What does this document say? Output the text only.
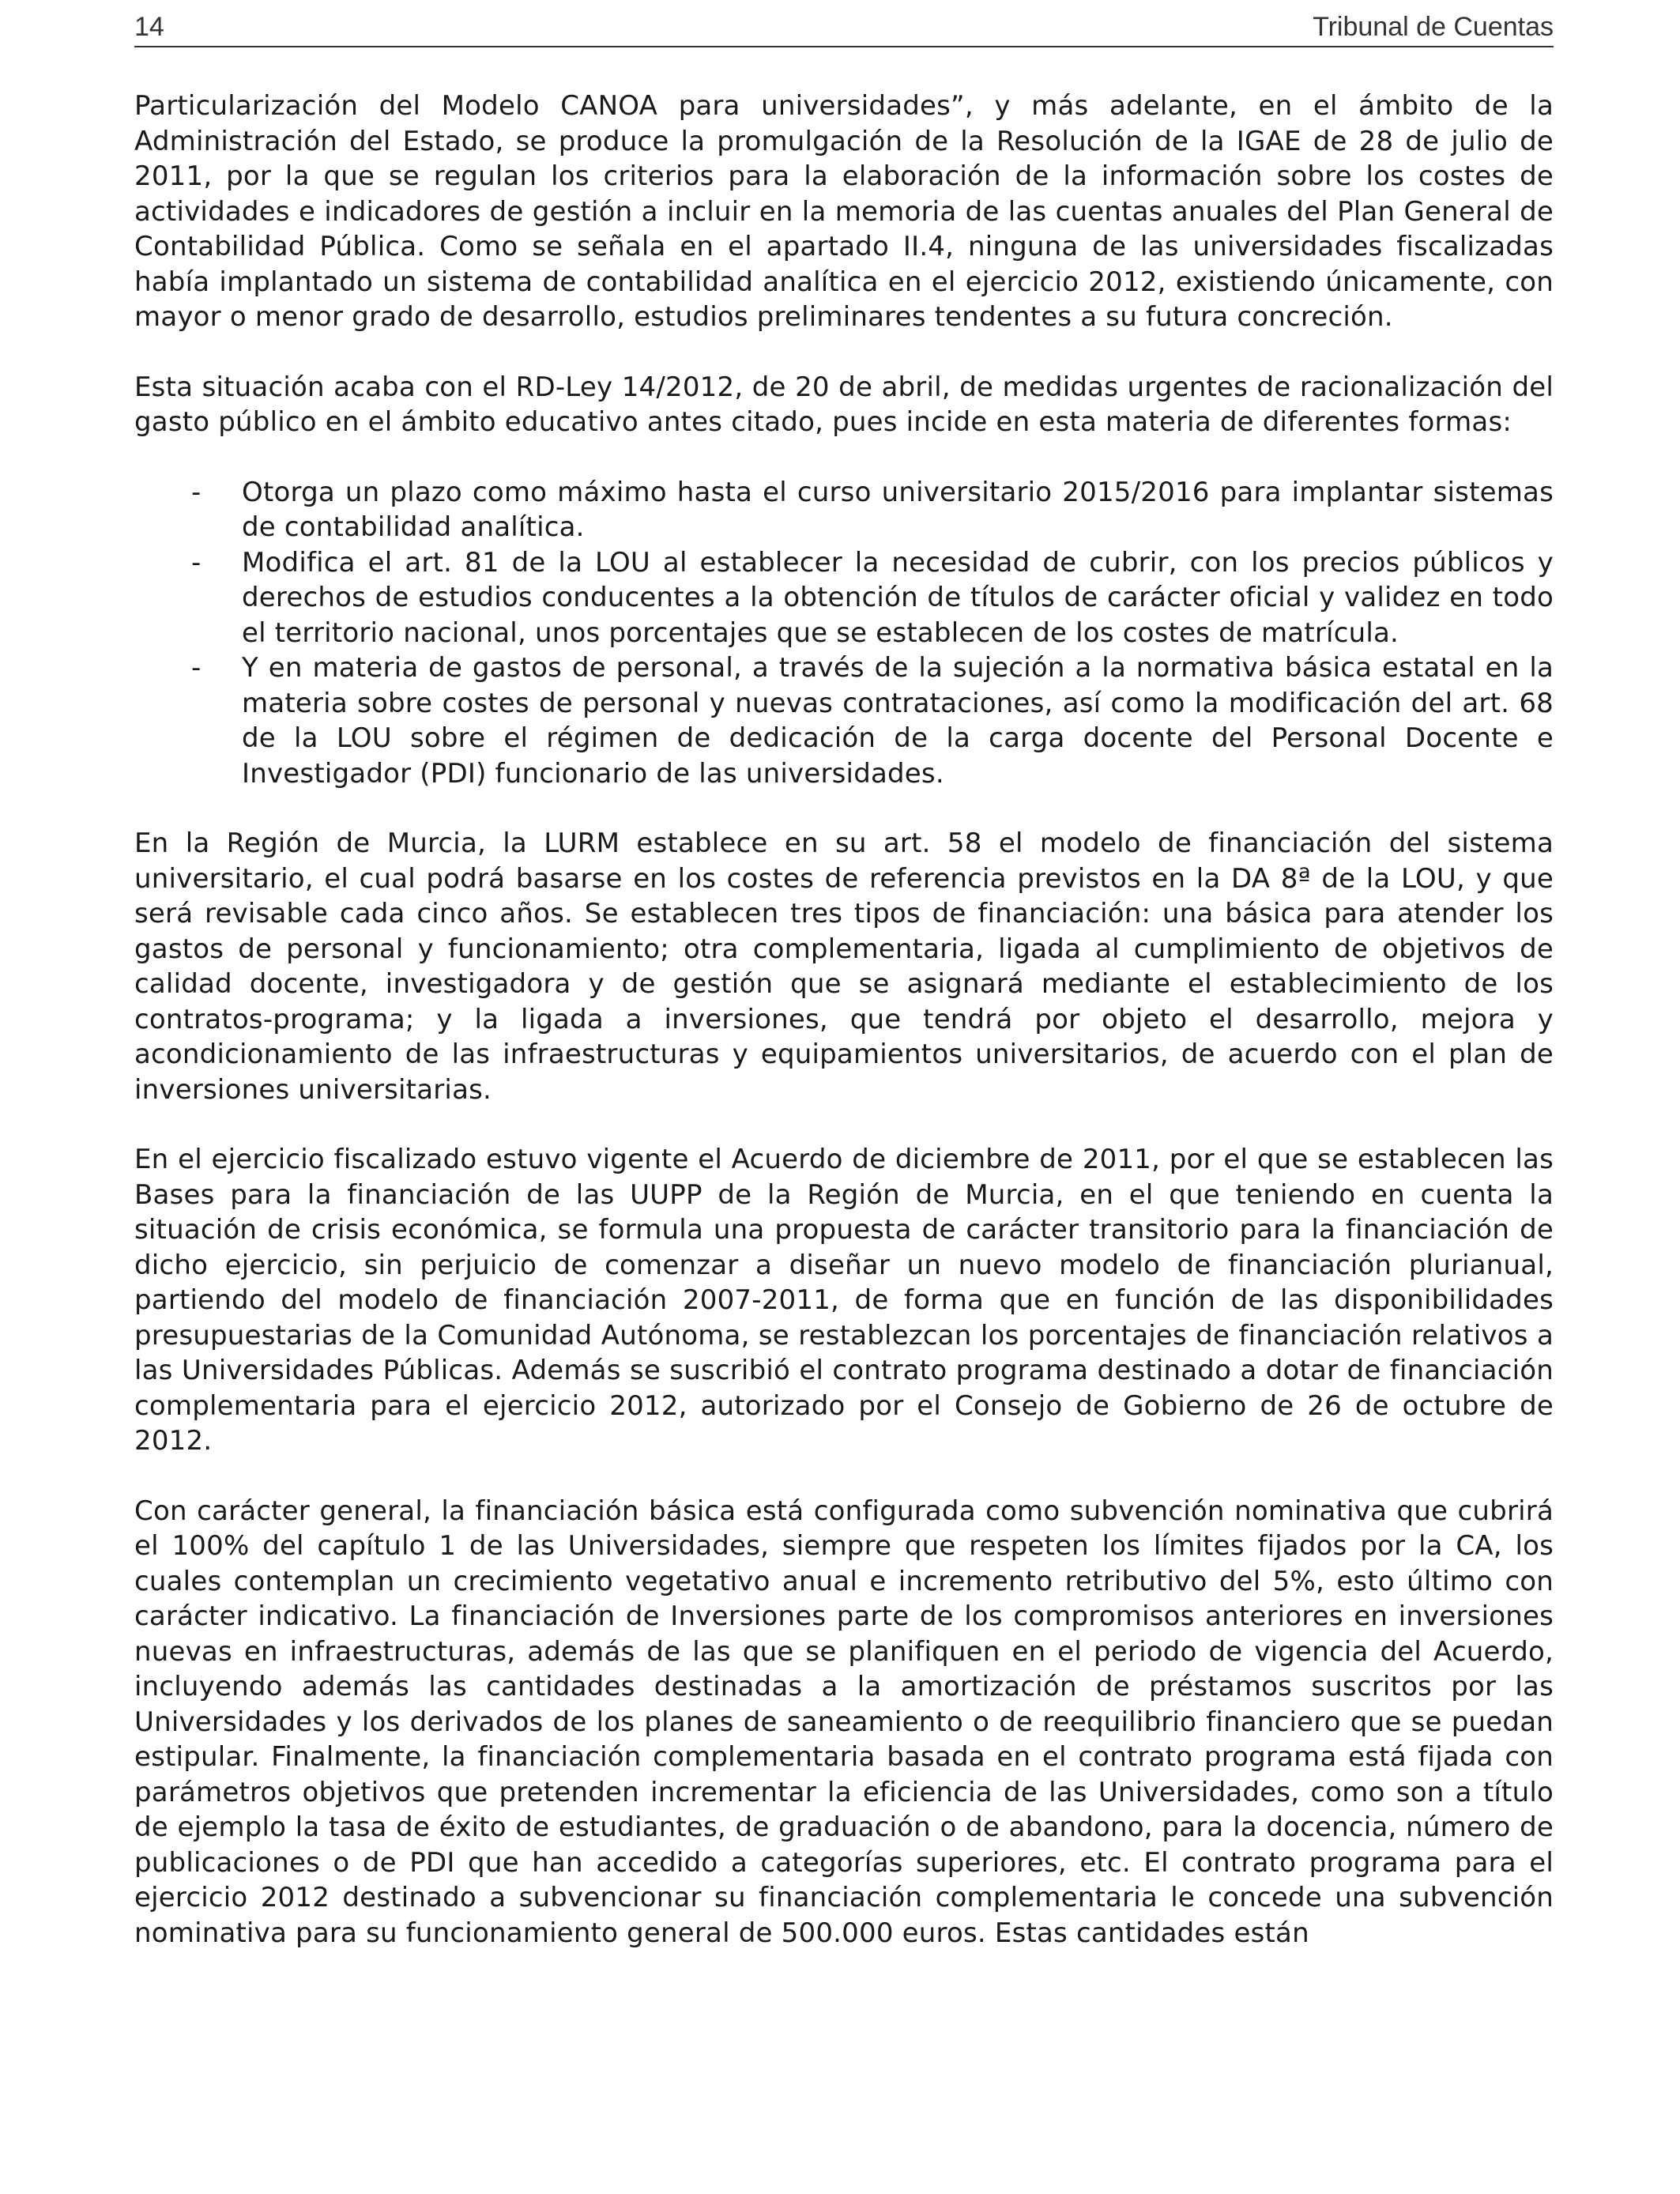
14	Tribunal de Cuentas

Particularización del Modelo CANOA para universidades”, y más adelante, en el ámbito de la Administración del Estado, se produce la promulgación de la Resolución de la IGAE de 28 de julio de 2011, por la que se regulan los criterios para la elaboración de la información sobre los costes de actividades e indicadores de gestión a incluir en la memoria de las cuentas anuales del Plan General de Contabilidad Pública. Como se señala en el apartado II.4, ninguna de las universidades fiscalizadas había implantado un sistema de contabilidad analítica en el ejercicio 2012, existiendo únicamente, con mayor o menor grado de desarrollo, estudios preliminares tendentes a su futura concreción.

Esta situación acaba con el RD-Ley 14/2012, de 20 de abril, de medidas urgentes de racionalización del gasto público en el ámbito educativo antes citado, pues incide en esta materia de diferentes formas:

- Otorga un plazo como máximo hasta el curso universitario 2015/2016 para implantar sistemas de contabilidad analítica.
- Modifica el art. 81 de la LOU al establecer la necesidad de cubrir, con los precios públicos y derechos de estudios conducentes a la obtención de títulos de carácter oficial y validez en todo el territorio nacional, unos porcentajes que se establecen de los costes de matrícula.
- Y en materia de gastos de personal, a través de la sujeción a la normativa básica estatal en la materia sobre costes de personal y nuevas contrataciones, así como la modificación del art. 68 de la LOU sobre el régimen de dedicación de la carga docente del Personal Docente e Investigador (PDI) funcionario de las universidades.

En la Región de Murcia, la LURM establece en su art. 58 el modelo de financiación del sistema universitario, el cual podrá basarse en los costes de referencia previstos en la DA 8ª de la LOU, y que será revisable cada cinco años. Se establecen tres tipos de financiación: una básica para atender los gastos de personal y funcionamiento; otra complementaria, ligada al cumplimiento de objetivos de calidad docente, investigadora y de gestión que se asignará mediante el establecimiento de los contratos-programa; y la ligada a inversiones, que tendrá por objeto el desarrollo, mejora y acondicionamiento de las infraestructuras y equipamientos universitarios, de acuerdo con el plan de inversiones universitarias.

En el ejercicio fiscalizado estuvo vigente el Acuerdo de diciembre de 2011, por el que se establecen las Bases para la financiación de las UUPP de la Región de Murcia, en el que teniendo en cuenta la situación de crisis económica, se formula una propuesta de carácter transitorio para la financiación de dicho ejercicio, sin perjuicio de comenzar a diseñar un nuevo modelo de financiación plurianual, partiendo del modelo de financiación 2007-2011, de forma que en función de las disponibilidades presupuestarias de la Comunidad Autónoma, se restablezcan los porcentajes de financiación relativos a las Universidades Públicas. Además se suscribió el contrato programa destinado a dotar de financiación complementaria para el ejercicio 2012, autorizado por el Consejo de Gobierno de 26 de octubre de 2012.

Con carácter general, la financiación básica está configurada como subvención nominativa que cubrirá el 100% del capítulo 1 de las Universidades, siempre que respeten los límites fijados por la CA, los cuales contemplan un crecimiento vegetativo anual e incremento retributivo del 5%, esto último con carácter indicativo. La financiación de Inversiones parte de los compromisos anteriores en inversiones nuevas en infraestructuras, además de las que se planifiquen en el periodo de vigencia del Acuerdo, incluyendo además las cantidades destinadas a la amortización de préstamos suscritos por las Universidades y los derivados de los planes de saneamiento o de reequilibrio financiero que se puedan estipular. Finalmente, la financiación complementaria basada en el contrato programa está fijada con parámetros objetivos que pretenden incrementar la eficiencia de las Universidades, como son a título de ejemplo la tasa de éxito de estudiantes, de graduación o de abandono, para la docencia, número de publicaciones o de PDI que han accedido a categorías superiores, etc. El contrato programa para el ejercicio 2012 destinado a subvencionar su financiación complementaria le concede una subvención nominativa para su funcionamiento general de 500.000 euros. Estas cantidades están
